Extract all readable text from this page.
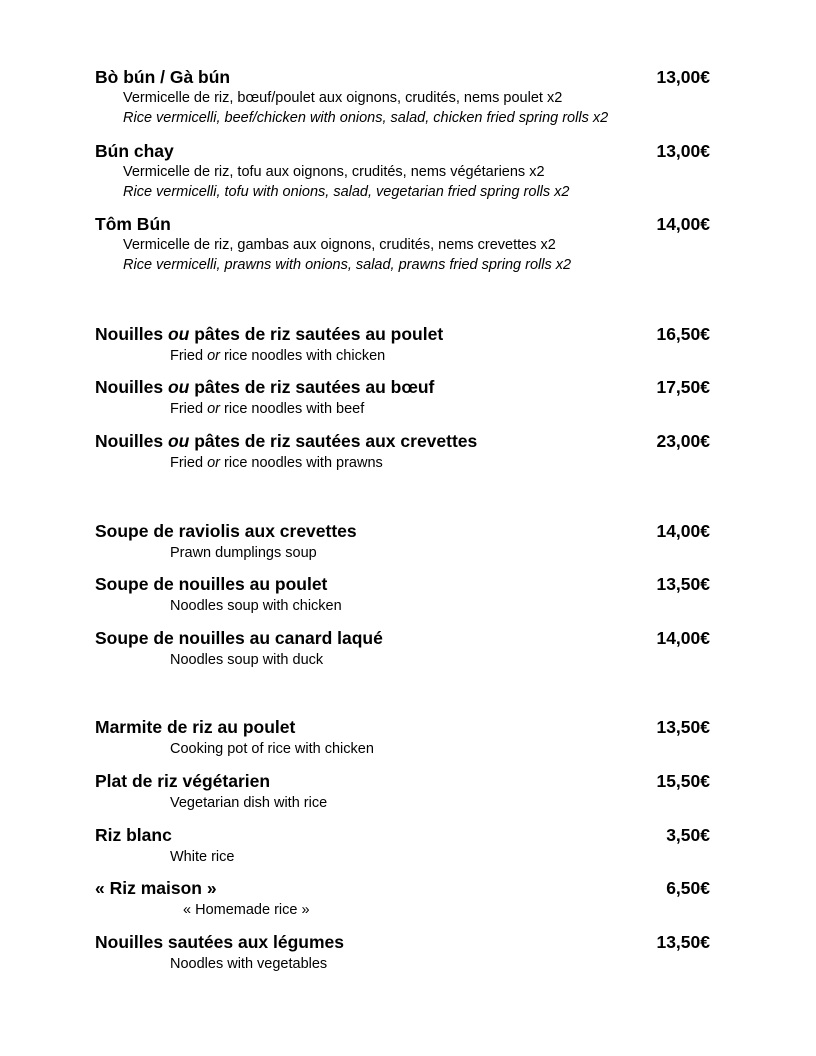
Bò bún / Gà bún	13,00€
Vermicelle de riz, bœuf/poulet aux oignons, crudités, nems poulet x2
Rice vermicelli, beef/chicken with onions, salad, chicken fried spring rolls x2
Bún chay	13,00€
Vermicelle de riz, tofu aux oignons, crudités, nems végétariens x2
Rice vermicelli, tofu with onions, salad, vegetarian fried spring rolls x2
Tôm Bún	14,00€
Vermicelle de riz, gambas aux oignons, crudités, nems crevettes x2
Rice vermicelli, prawns with onions, salad, prawns fried spring rolls x2
Nouilles ou pâtes de riz sautées au poulet	16,50€
Fried or rice noodles with chicken
Nouilles ou pâtes de riz sautées au bœuf	17,50€
Fried or rice noodles with beef
Nouilles ou pâtes de riz sautées aux crevettes	23,00€
Fried or rice noodles with prawns
Soupe de raviolis aux crevettes	14,00€
Prawn dumplings soup
Soupe de nouilles au poulet	13,50€
Noodles soup with chicken
Soupe de nouilles au canard laqué	14,00€
Noodles soup with duck
Marmite de riz au poulet	13,50€
Cooking pot of rice with chicken
Plat de riz végétarien	15,50€
Vegetarian dish with rice
Riz blanc	3,50€
White rice
« Riz maison »	6,50€
« Homemade rice »
Nouilles sautées aux légumes	13,50€
Noodles with vegetables
